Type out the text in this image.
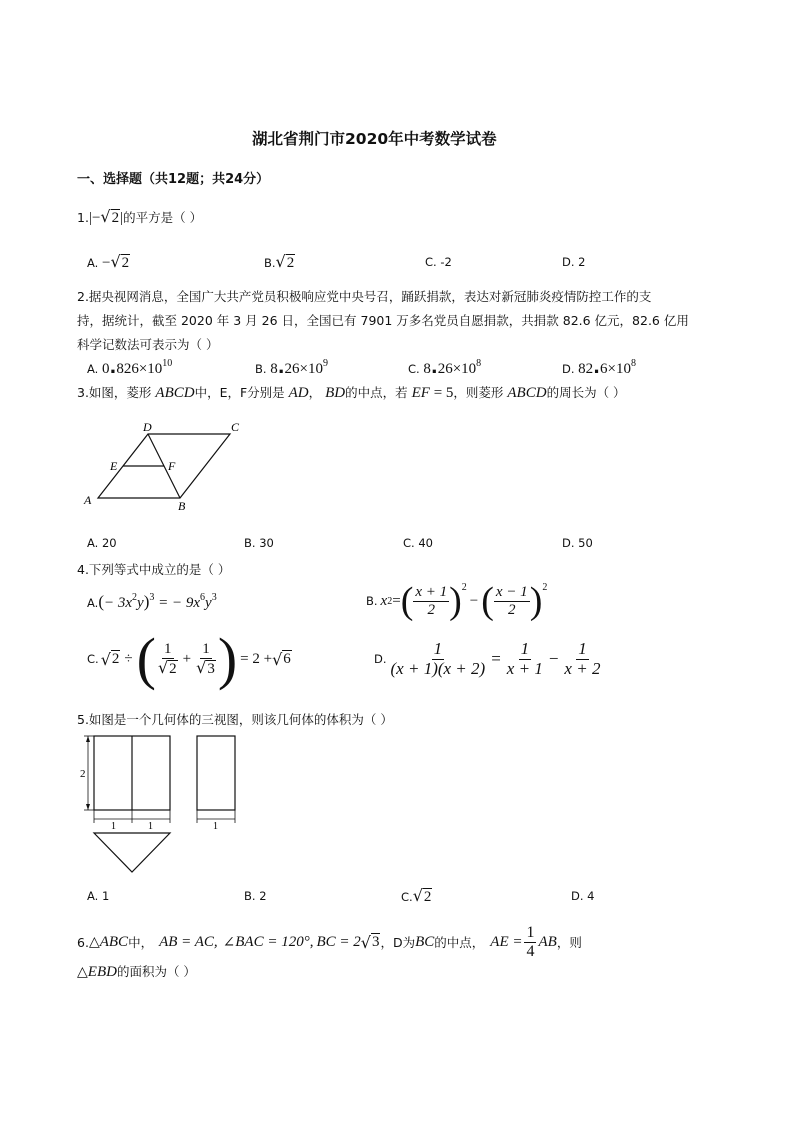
湖北省荆门市2020年中考数学试卷
一、选择题（共12题；共24分）
1.|−√2|的平方是（ ）
A. −√2	B.√2	C. -2	D. 2
2.据央视网消息，全国广大共产党员积极响应党中央号召，踊跃捐款，表达对新冠肺炎疫情防控工作的支
持，据统计，截至 2020 年 3 月 26 日，全国已有 7901 万多名党员自愿捐款，共捐款 82.6 亿元，82.6 亿用
科学记数法可表示为（ ）
A. $0.826\times 10^{10}$	B. $8.26\times 10^9$	C. $8.26\times 10^8$	D. $82.6\times 10^8$
3.如图，菱形 ABCD中，E，F分别是 AD， BD的中点，若 EF = 5，则菱形 ABCD的周长为（ ）
A	B
C
D
E	F
A. 20	B. 30	C. 40	D. 50
4.下列等式中成立的是（ ）
$A.(- 3x^2y)^3$ = − $9x^6y^3$	B. x 2 = ( $\frac{x + 1}{2}$ ) 2
− ( $\frac{x - 1}{2}$ ) 2
C. √ 2 ÷ ( $\frac{1}{√2} + \frac{1}{√3}$ ) = 2 + √ 6	D. $\frac{1}{(x + 1)(x + 2)} = \frac{1}{x + 1} - \frac{1}{x + 2}$
5.如图是一个几何体的三视图，则该几何体的体积为（ ）
2
1	1	1
A. 1	B. 2	C.√2	D. 4
6. △ ABC 中， AB = AC, ∠ BAC = 120° , BC = 2 √ 3 ，D为 BC 的中点， AE = $\frac{1}{4}$ AB ，则
△EBD的面积为（ ）
